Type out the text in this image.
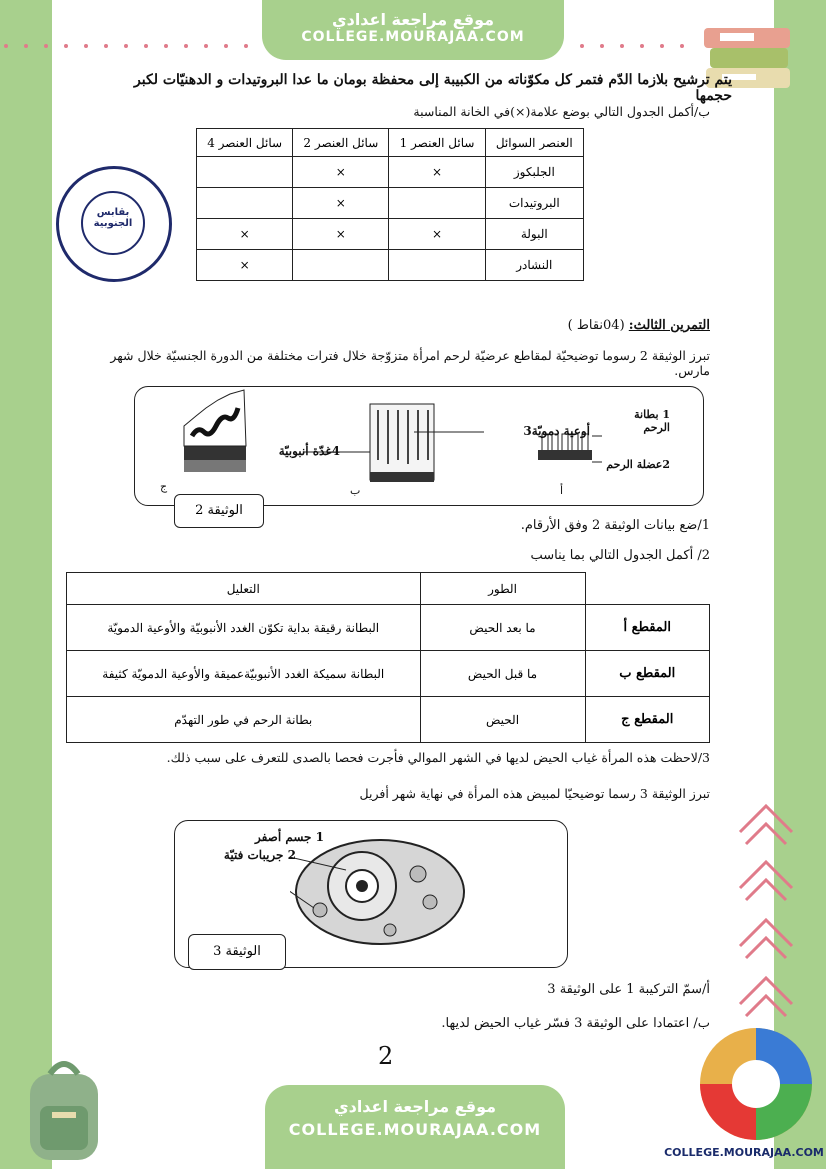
موقع مراجعة اعدادي
COLLEGE.MOURAJAA.COM
يتم ترشيح بلازما الدّم فتمر كل مكوّناته من الكبيبة إلى محفظة بومان ما عدا البروتيدات و الدهنيّات لكبر حجمها
ب/أكمل الجدول التالي بوضع علامة(×)في الخانة المناسبة
بقابس الجنوبية
العنصر السوائل	سائل العنصر 1	سائل العنصر 2	سائل العنصر 4
الجلبكوز	×	×	
البروتيدات		×	
البولة	×	×	×
النشادر			×
التمرين الثالث: (04نقاط )
تبرز الوثيقة 2 رسوما توضيحيّة لمقاطع عرضيّة لرحم امرأة متزوّجة خلال فترات مختلفة من الدورة الجنسيّة خلال شهر مارس.
1 بطانة الرحم
2عضلة الرحم
أوعية دمويّة3
4غدّة أنبوبيّة
أ
ب
ج
الوثيقة 2
1/ضع بيانات الوثيقة 2 وفق الأرقام.
2/ أكمل الجدول التالي بما يناسب
	الطور	التعليل
المقطع أ	ما بعد الحيض	البطانة رقيقة بداية تكوّن الغدد الأنبوبيّة والأوعية الدمويّة
المقطع ب	ما قبل الحيض	البطانة سميكة الغدد الأنبوبيّةعميقة والأوعية الدمويّة كثيفة
المقطع ج	الحيض	بطانة الرحم في طور التهدّم
3/لاحظت هذه المرأة غياب الحيض لديها في الشهر الموالي فأجرت فحصا بالصدى للتعرف على سبب ذلك.
تبرز الوثيقة 3 رسما توضيحيّا لمبيض هذه المرأة في نهاية شهر أفريل
1 جسم أصفر
2 جريبات فتيّة
الوثيقة 3
أ/سمّ التركيبة 1 على الوثيقة 3
ب/ اعتمادا على الوثيقة 3 فسّر غياب الحيض لديها.
2
COLLEGE.MOURAJAA.COM
موقع مراجعة اعدادي
COLLEGE.MOURAJAA.COM
